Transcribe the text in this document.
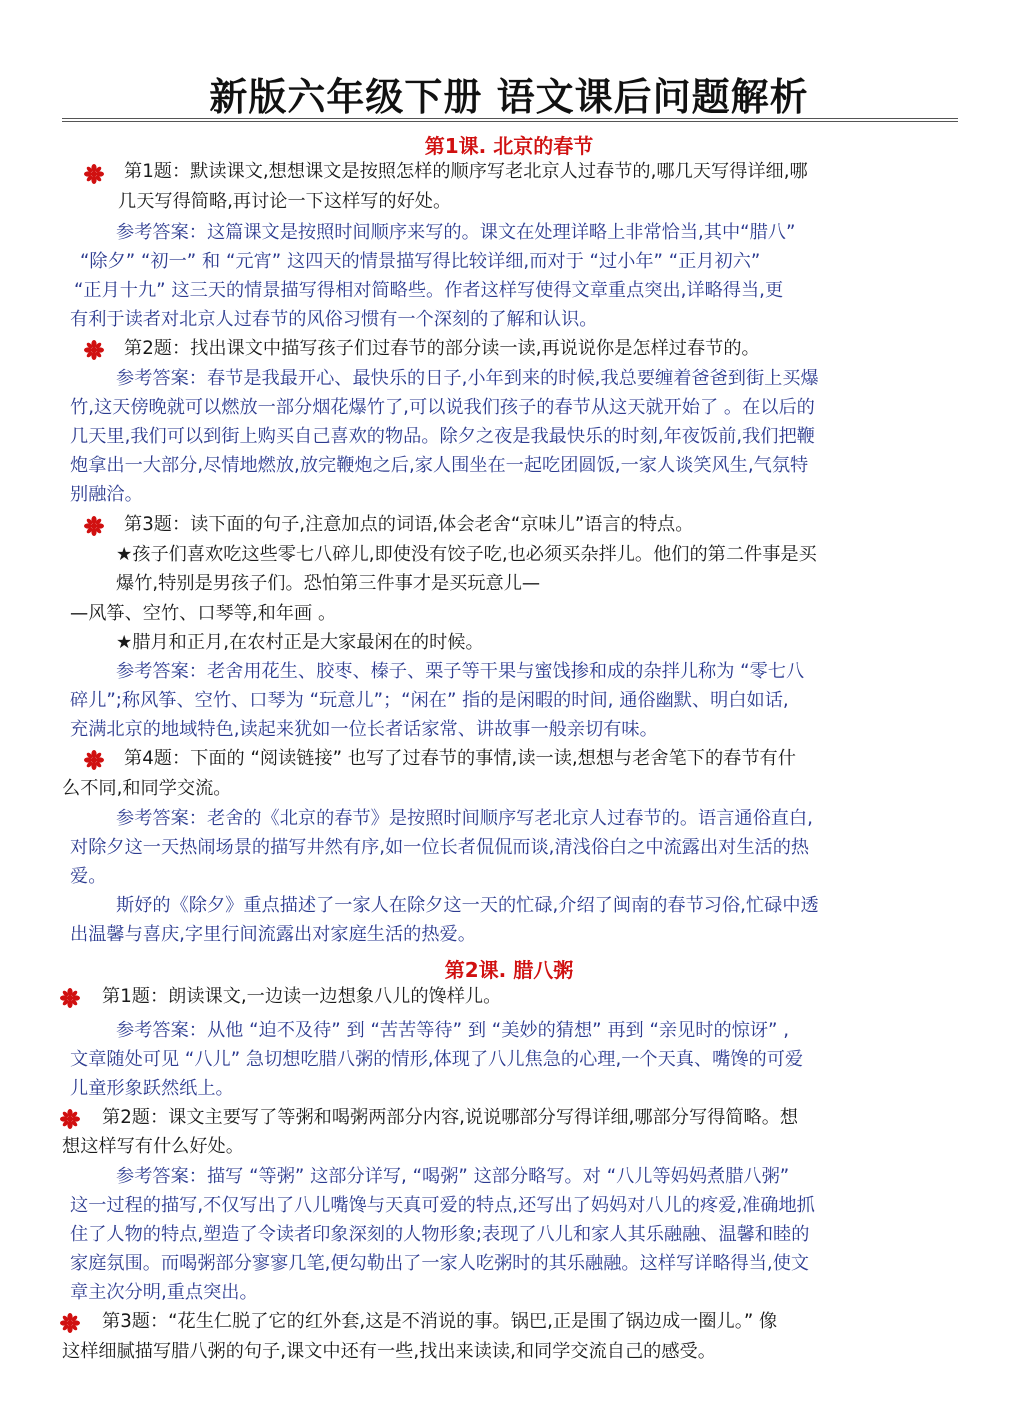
新版六年级下册 语文课后问题解析
第1课. 北京的春节
第1题：默读课文,想想课文是按照怎样的顺序写老北京人过春节的,哪几天写得详细,哪
几天写得简略,再讨论一下这样写的好处。
参考答案：这篇课文是按照时间顺序来写的。课文在处理详略上非常恰当,其中“腊八”
“除夕” “初一” 和 “元宵” 这四天的情景描写得比较详细,而对于 “过小年” “正月初六”
“正月十九” 这三天的情景描写得相对简略些。作者这样写使得文章重点突出,详略得当,更
有利于读者对北京人过春节的风俗习惯有一个深刻的了解和认识。
第2题：找出课文中描写孩子们过春节的部分读一读,再说说你是怎样过春节的。
参考答案：春节是我最开心、最快乐的日子,小年到来的时候,我总要缠着爸爸到街上买爆
竹,这天傍晚就可以燃放一部分烟花爆竹了,可以说我们孩子的春节从这天就开始了 。在以后的
几天里,我们可以到街上购买自己喜欢的物品。除夕之夜是我最快乐的时刻,年夜饭前,我们把鞭
炮拿出一大部分,尽情地燃放,放完鞭炮之后,家人围坐在一起吃团圆饭,一家人谈笑风生,气氛特
别融洽。
第3题：读下面的句子,注意加点的词语,体会老舍“京味儿”语言的特点。
★孩子们喜欢吃这些零七八碎儿,即使没有饺子吃,也必须买杂拌儿。他们的第二件事是买
爆竹,特别是男孩子们。恐怕第三件事才是买玩意儿—
—风筝、空竹、口琴等,和年画 。
★腊月和正月,在农村正是大家最闲在的时候。
参考答案：老舍用花生、胶枣、榛子、栗子等干果与蜜饯掺和成的杂拌儿称为 “零七八
碎儿”;称风筝、空竹、口琴为 “玩意儿”；“闲在” 指的是闲暇的时间, 通俗幽默、明白如话,
充满北京的地域特色,读起来犹如一位长者话家常、讲故事一般亲切有味。
第4题：下面的 “阅读链接” 也写了过春节的事情,读一读,想想与老舍笔下的春节有什
么不同,和同学交流。
参考答案：老舍的《北京的春节》是按照时间顺序写老北京人过春节的。语言通俗直白,
对除夕这一天热闹场景的描写井然有序,如一位长者侃侃而谈,清浅俗白之中流露出对生活的热
爱。
斯妤的《除夕》重点描述了一家人在除夕这一天的忙碌,介绍了闽南的春节习俗,忙碌中透
出温馨与喜庆,字里行间流露出对家庭生活的热爱。
第2课. 腊八粥
第1题：朗读课文,一边读一边想象八儿的馋样儿。
参考答案：从他 “迫不及待” 到 “苦苦等待” 到 “美妙的猜想” 再到 “亲见时的惊讶” ,
文章随处可见 “八儿” 急切想吃腊八粥的情形,体现了八儿焦急的心理,一个天真、嘴馋的可爱
儿童形象跃然纸上。
第2题：课文主要写了等粥和喝粥两部分内容,说说哪部分写得详细,哪部分写得简略。想
想这样写有什么好处。
参考答案：描写 “等粥” 这部分详写, “喝粥” 这部分略写。对 “八儿等妈妈煮腊八粥”
这一过程的描写,不仅写出了八儿嘴馋与天真可爱的特点,还写出了妈妈对八儿的疼爱,准确地抓
住了人物的特点,塑造了令读者印象深刻的人物形象;表现了八儿和家人其乐融融、温馨和睦的
家庭氛围。而喝粥部分寥寥几笔,便勾勒出了一家人吃粥时的其乐融融。这样写详略得当,使文
章主次分明,重点突出。
第3题：“花生仁脱了它的红外套,这是不消说的事。锅巴,正是围了锅边成一圈儿。” 像
这样细腻描写腊八粥的句子,课文中还有一些,找出来读读,和同学交流自己的感受。
